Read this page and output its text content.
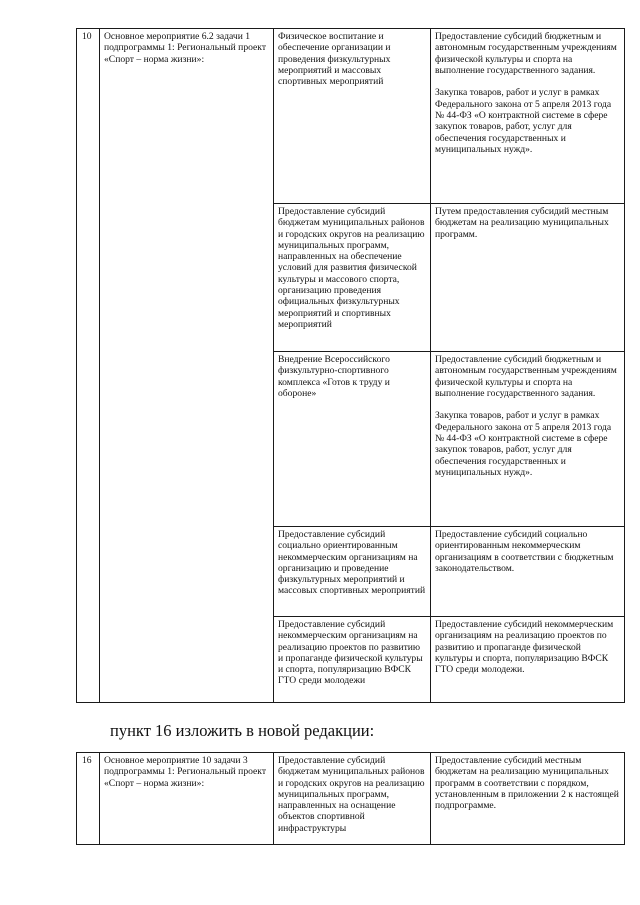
10	Основное мероприятие 6.2 задачи 1 подпрограммы 1: Региональный проект «Спорт – норма жизни»:	Физическое воспитание и обеспечение организации и проведения физкультурных мероприятий и массовых спортивных мероприятий	Предоставление субсидий бюджетным и автономным государственным учреждениям физической культуры и спорта на выполнение государственного задания.

Закупка товаров, работ и услуг в рамках Федерального закона от 5 апреля 2013 года № 44-ФЗ «О контрактной системе в сфере закупок товаров, работ, услуг для обеспечения государственных и муниципальных нужд».
		Предоставление субсидий бюджетам муниципальных районов и городских округов на реализацию муниципальных программ, направленных на обеспечение условий для развития физической культуры и массового спорта, организацию проведения официальных физкультурных мероприятий и спортивных мероприятий	Путем предоставления субсидий местным бюджетам на реализацию муниципальных программ.
		Внедрение Всероссийского физкультурно-спортивного комплекса «Готов к труду и обороне»	Предоставление субсидий бюджетным и автономным государственным учреждениям физической культуры и спорта на выполнение государственного задания.

Закупка товаров, работ и услуг в рамках Федерального закона от 5 апреля 2013 года № 44-ФЗ «О контрактной системе в сфере закупок товаров, работ, услуг для обеспечения государственных и муниципальных нужд».
		Предоставление субсидий социально ориентированным некоммерческим организациям на организацию и проведение физкультурных мероприятий и массовых спортивных мероприятий	Предоставление субсидий социально ориентированным некоммерческим организациям в соответствии с бюджетным законодательством.
		Предоставление субсидий некоммерческим организациям на реализацию проектов по развитию и пропаганде физической культуры и спорта, популяризацию ВФСК ГТО среди молодежи	Предоставление субсидий некоммерческим организациям на реализацию проектов по развитию и пропаганде физической культуры и спорта, популяризацию ВФСК ГТО среди молодежи.
пункт 16 изложить в новой редакции:
16	Основное мероприятие 10 задачи 3 подпрограммы 1: Региональный проект «Спорт – норма жизни»:	Предоставление субсидий бюджетам муниципальных районов и городских округов на реализацию муниципальных программ, направленных на оснащение объектов спортивной инфраструктуры	Предоставление субсидий местным бюджетам на реализацию муниципальных программ в соответствии с порядком, установленным в приложении 2 к настоящей подпрограмме.
